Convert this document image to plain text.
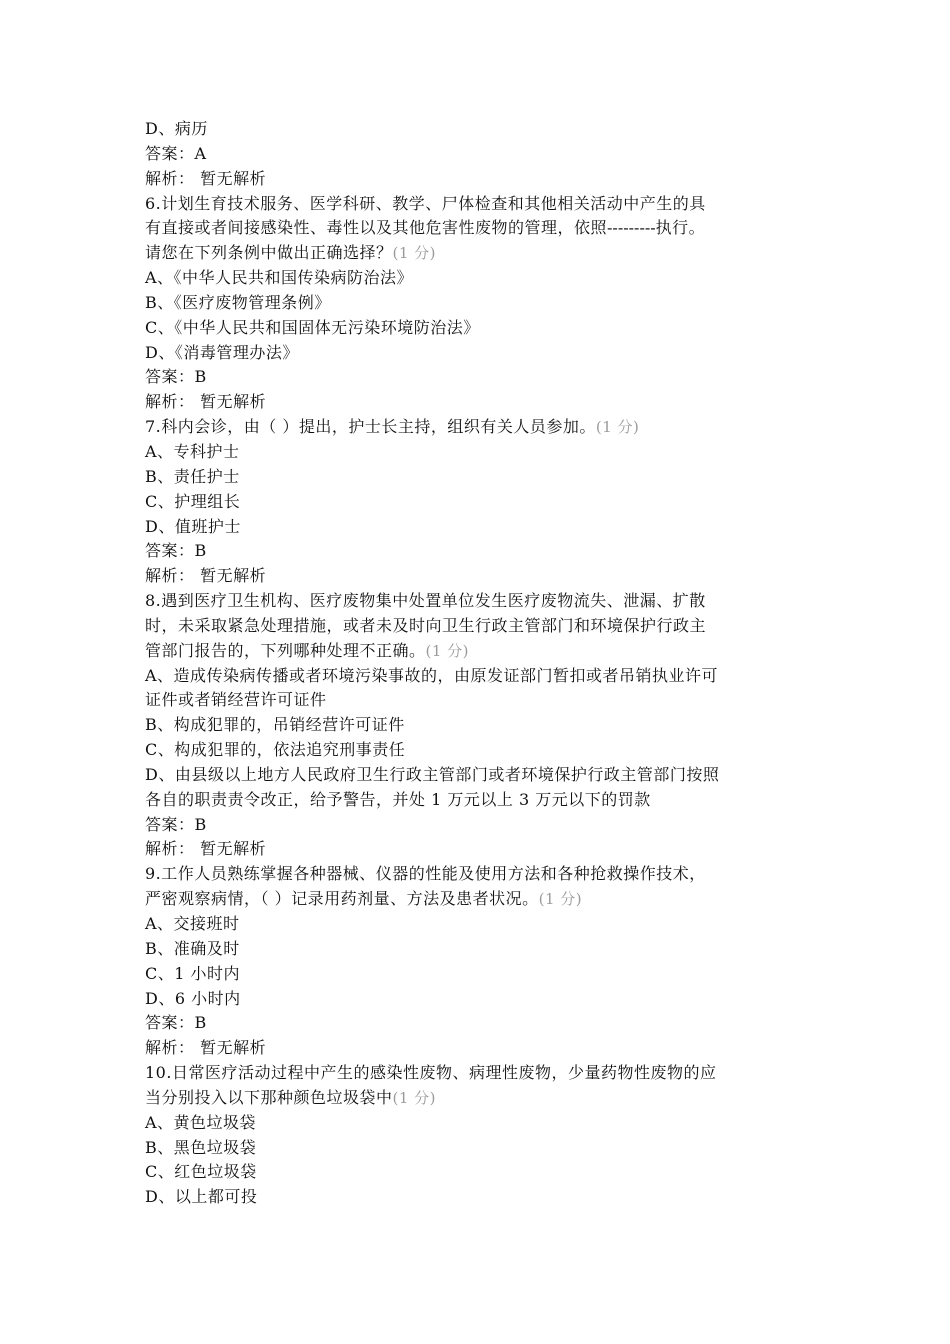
D、病历
答案：A
解析： 暂无解析
6.计划生育技术服务、医学科研、教学、尸体检查和其他相关活动中产生的具
有直接或者间接感染性、毒性以及其他危害性废物的管理，依照---------执行。
请您在下列条例中做出正确选择？(1 分)
A、《中华人民共和国传染病防治法》
B、《医疗废物管理条例》
C、《中华人民共和国固体无污染环境防治法》
D、《消毒管理办法》
答案：B
解析： 暂无解析
7.科内会诊，由（ ）提出，护士长主持，组织有关人员参加。(1 分)
A、专科护士
B、责任护士
C、护理组长
D、值班护士
答案：B
解析： 暂无解析
8.遇到医疗卫生机构、医疗废物集中处置单位发生医疗废物流失、泄漏、扩散
时，未采取紧急处理措施，或者未及时向卫生行政主管部门和环境保护行政主
管部门报告的，下列哪种处理不正确。(1 分)
A、造成传染病传播或者环境污染事故的，由原发证部门暂扣或者吊销执业许可
证件或者销经营许可证件
B、构成犯罪的，吊销经营许可证件
C、构成犯罪的，依法追究刑事责任
D、由县级以上地方人民政府卫生行政主管部门或者环境保护行政主管部门按照
各自的职责责令改正，给予警告，并处 1 万元以上 3 万元以下的罚款
答案：B
解析： 暂无解析
9.工作人员熟练掌握各种器械、仪器的性能及使用方法和各种抢救操作技术，
严密观察病情，（ ）记录用药剂量、方法及患者状况。(1 分)
A、交接班时
B、准确及时
C、1 小时内
D、6 小时内
答案：B
解析： 暂无解析
10.日常医疗活动过程中产生的感染性废物、病理性废物，少量药物性废物的应
当分别投入以下那种颜色垃圾袋中(1 分)
A、黄色垃圾袋
B、黑色垃圾袋
C、红色垃圾袋
D、以上都可投
